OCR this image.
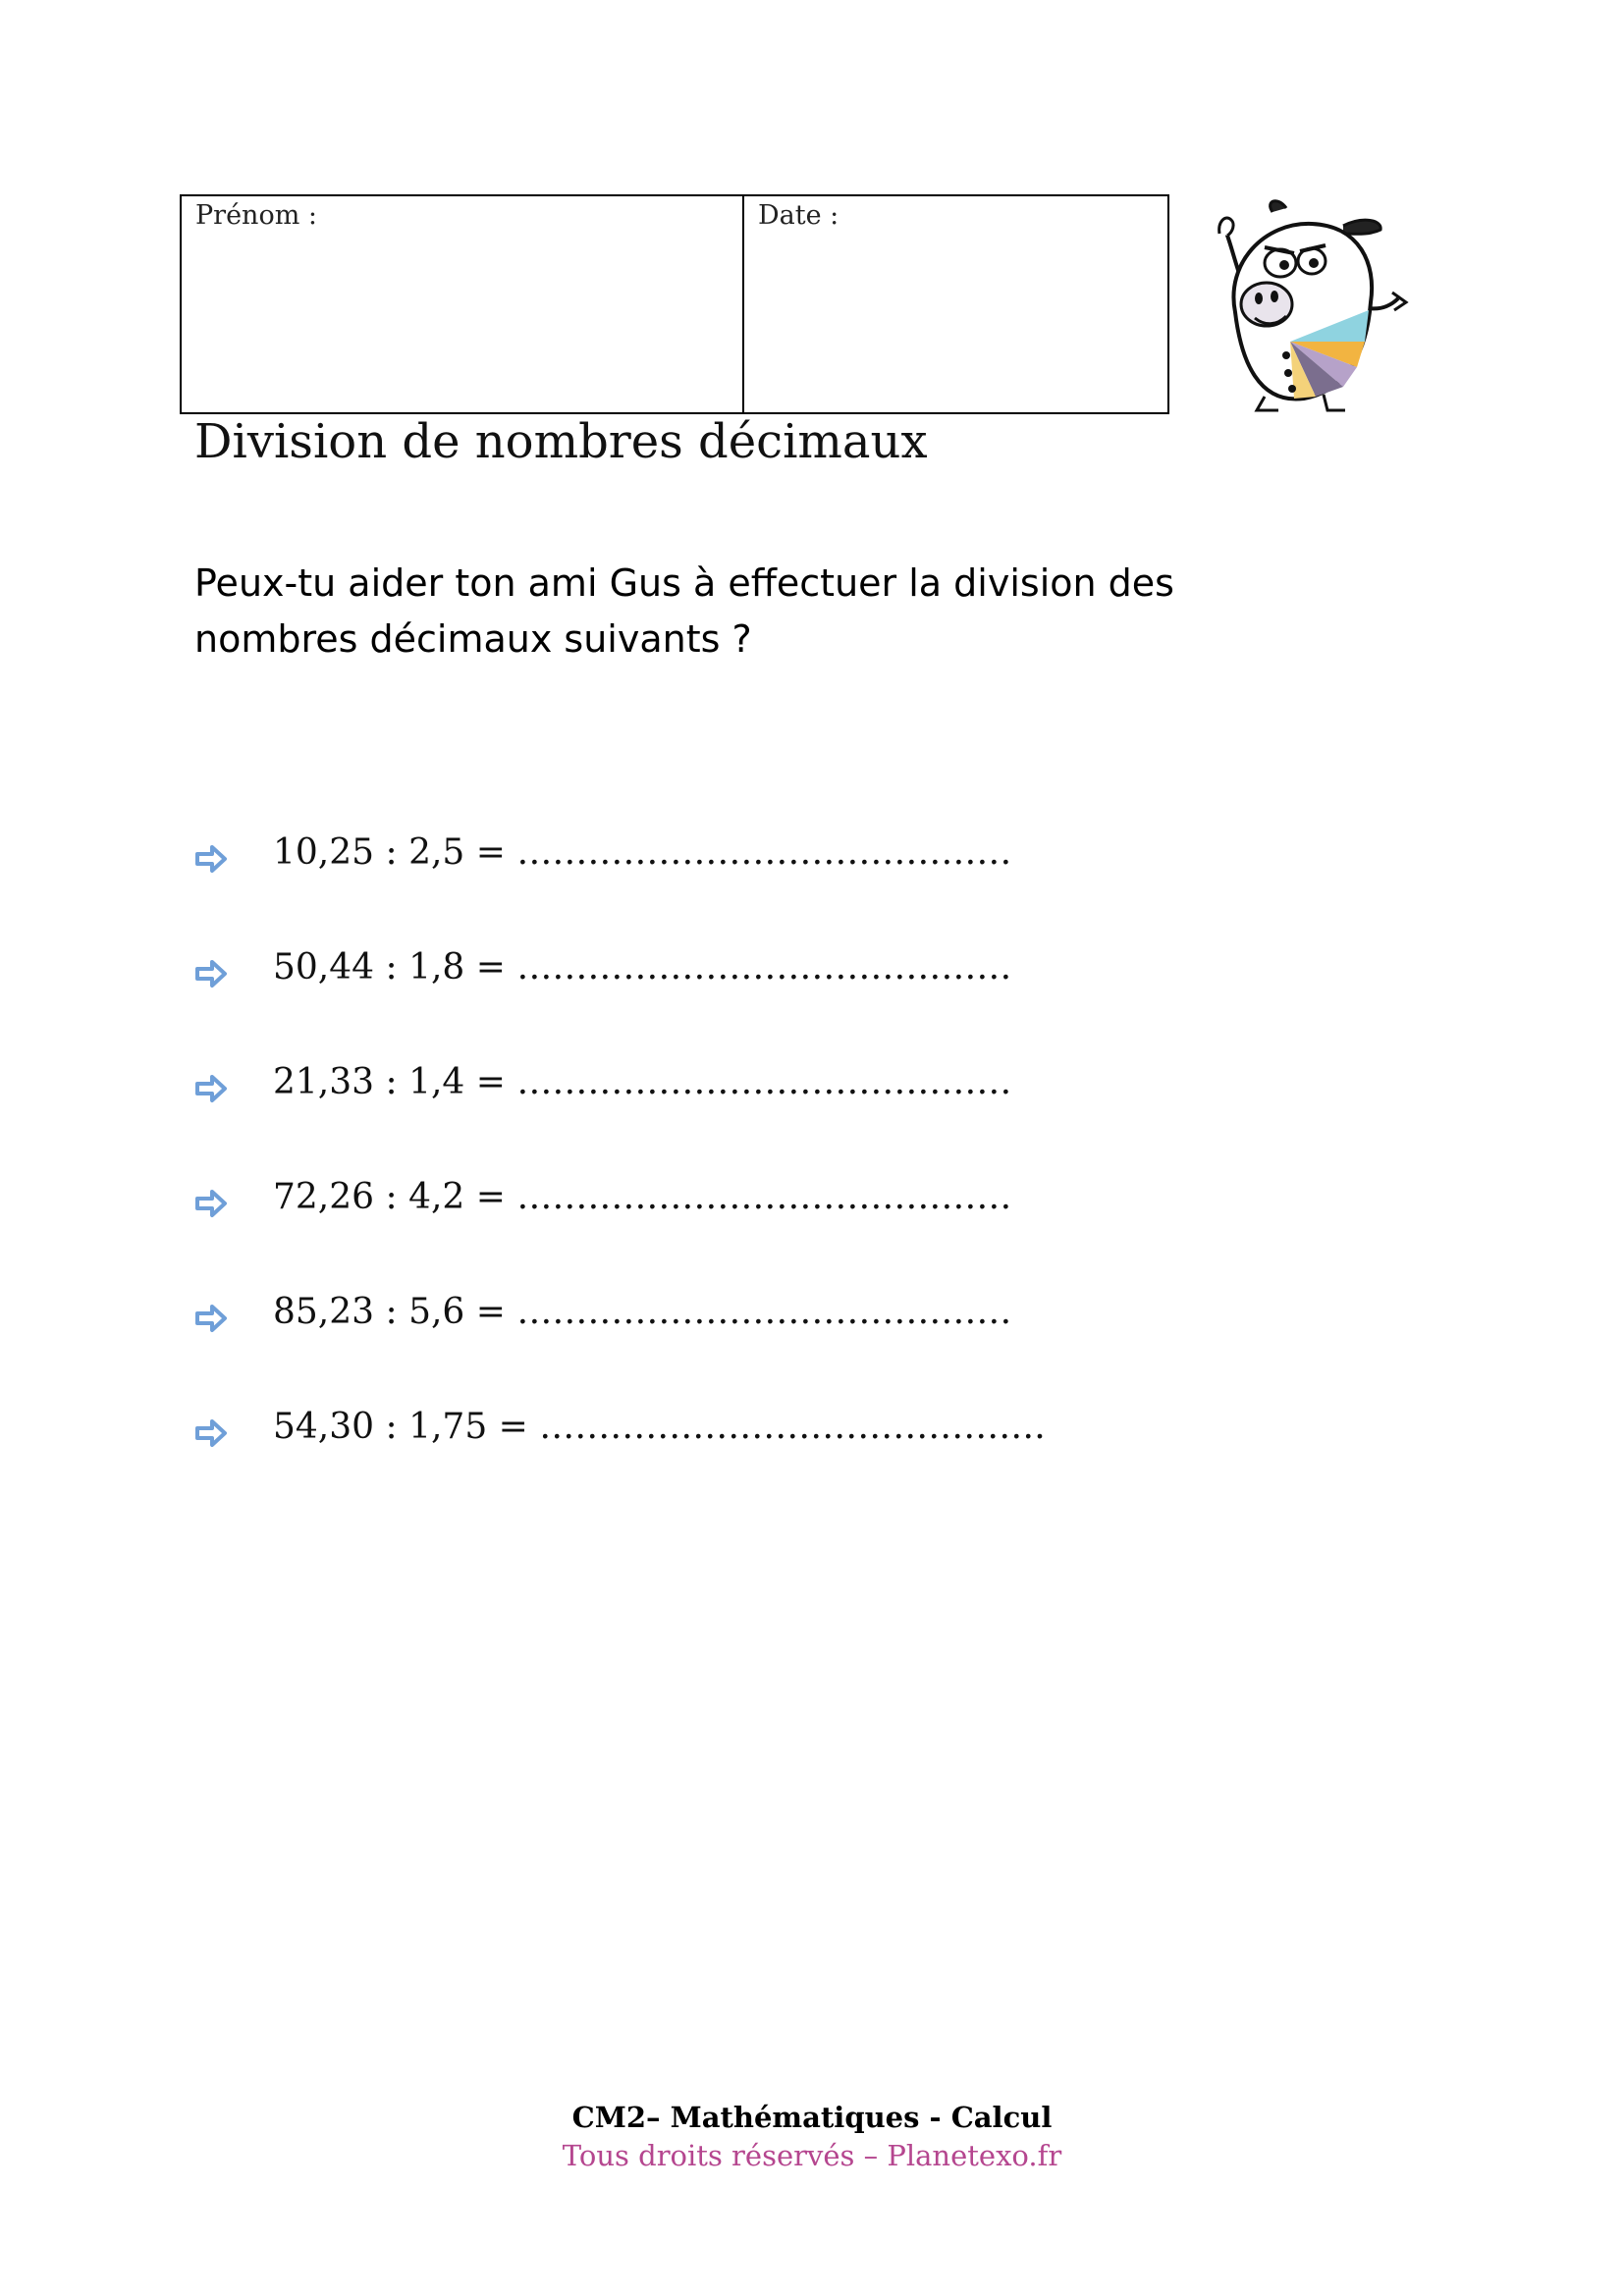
Prénom :	Date :
Division de nombres décimaux
Peux-tu aider ton ami Gus à effectuer la division des nombres décimaux suivants ?
10,25 : 2,5 = ……………………………………
50,44 : 1,8 = ……………………………………
21,33 : 1,4 = ……………………………………
72,26 : 4,2 = ……………………………………
85,23 : 5,6 = ……………………………………
54,30 : 1,75 = …………………………………….
CM2– Mathématiques - Calcul
Tous droits réservés – Planetexo.fr
